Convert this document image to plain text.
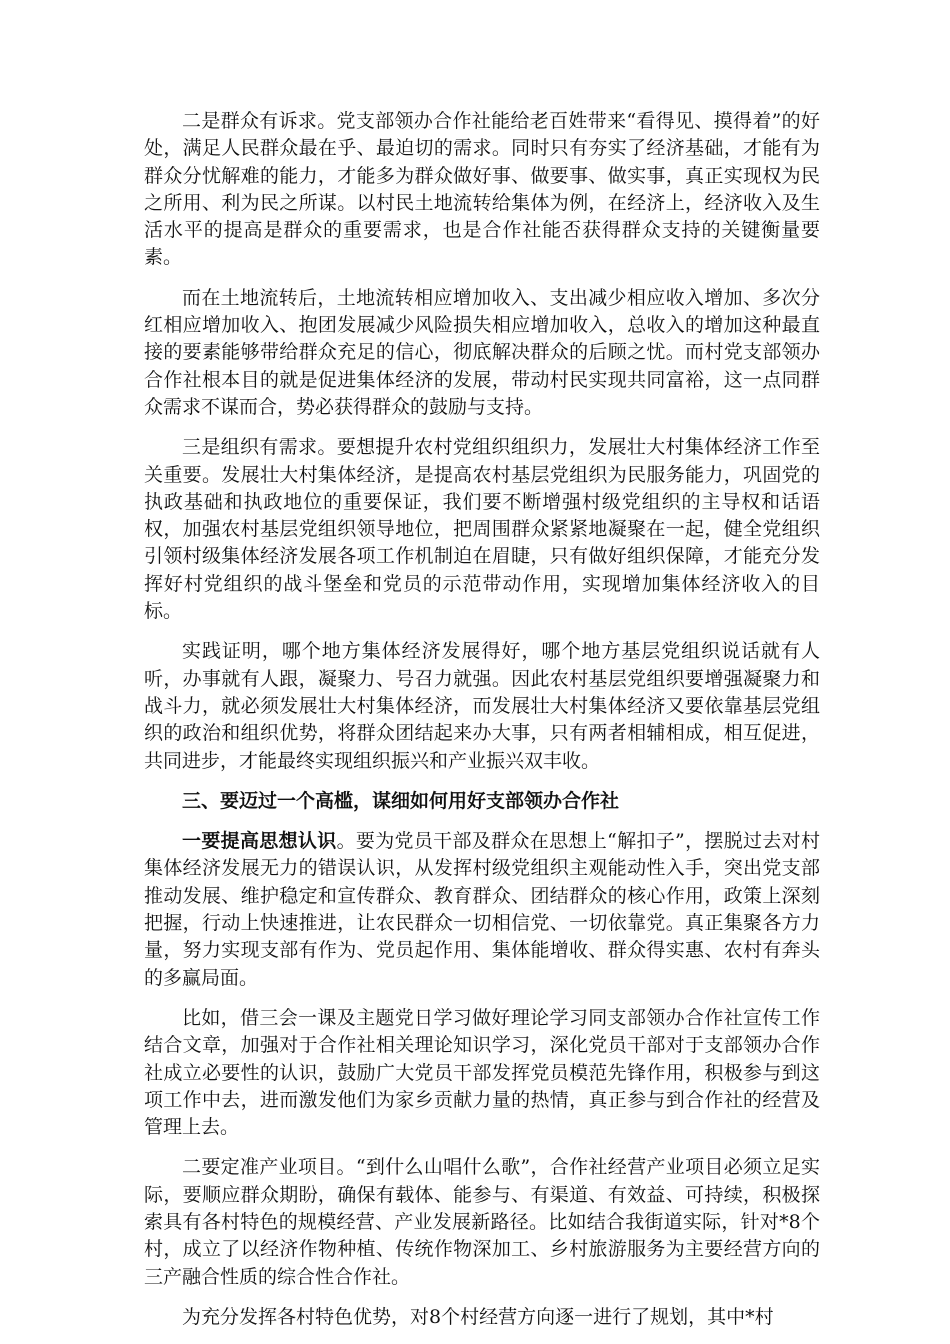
二是群众有诉求。党支部领办合作社能给老百姓带来“看得见、摸得着”的好处，满足人民群众最在乎、最迫切的需求。同时只有夯实了经济基础，才能有为群众分忧解难的能力，才能多为群众做好事、做要事、做实事，真正实现权为民之所用、利为民之所谋。以村民土地流转给集体为例，在经济上，经济收入及生活水平的提高是群众的重要需求，也是合作社能否获得群众支持的关键衡量要素。

而在土地流转后，土地流转相应增加收入、支出减少相应收入增加、多次分红相应增加收入、抱团发展减少风险损失相应增加收入，总收入的增加这种最直接的要素能够带给群众充足的信心，彻底解决群众的后顾之忧。而村党支部领办合作社根本目的就是促进集体经济的发展，带动村民实现共同富裕，这一点同群众需求不谋而合，势必获得群众的鼓励与支持。

三是组织有需求。要想提升农村党组织组织力，发展壮大村集体经济工作至关重要。发展壮大村集体经济，是提高农村基层党组织为民服务能力，巩固党的执政基础和执政地位的重要保证，我们要不断增强村级党组织的主导权和话语权，加强农村基层党组织领导地位，把周围群众紧紧地凝聚在一起，健全党组织引领村级集体经济发展各项工作机制迫在眉睫，只有做好组织保障，才能充分发挥好村党组织的战斗堡垒和党员的示范带动作用，实现增加集体经济收入的目标。

实践证明，哪个地方集体经济发展得好，哪个地方基层党组织说话就有人听，办事就有人跟，凝聚力、号召力就强。因此农村基层党组织要增强凝聚力和战斗力，就必须发展壮大村集体经济，而发展壮大村集体经济又要依靠基层党组织的政治和组织优势，将群众团结起来办大事，只有两者相辅相成，相互促进，共同进步，才能最终实现组织振兴和产业振兴双丰收。

三、要迈过一个高槛，谋细如何用好支部领办合作社

一要提高思想认识。要为党员干部及群众在思想上“解扣子”，摆脱过去对村集体经济发展无力的错误认识，从发挥村级党组织主观能动性入手，突出党支部推动发展、维护稳定和宣传群众、教育群众、团结群众的核心作用，政策上深刻把握，行动上快速推进，让农民群众一切相信党、一切依靠党。真正集聚各方力量，努力实现支部有作为、党员起作用、集体能增收、群众得实惠、农村有奔头的多赢局面。

比如，借三会一课及主题党日学习做好理论学习同支部领办合作社宣传工作结合文章，加强对于合作社相关理论知识学习，深化党员干部对于支部领办合作社成立必要性的认识，鼓励广大党员干部发挥党员模范先锋作用，积极参与到这项工作中去，进而激发他们为家乡贡献力量的热情，真正参与到合作社的经营及管理上去。

二要定准产业项目。“到什么山唱什么歌”，合作社经营产业项目必须立足实际，要顺应群众期盼，确保有载体、能参与、有渠道、有效益、可持续，积极探索具有各村特色的规模经营、产业发展新路径。比如结合我街道实际，针对*8个村，成立了以经济作物种植、传统作物深加工、乡村旅游服务为主要经营方向的三产融合性质的综合性合作社。

为充分发挥各村特色优势，对8个村经营方向逐一进行了规划，其中*村
